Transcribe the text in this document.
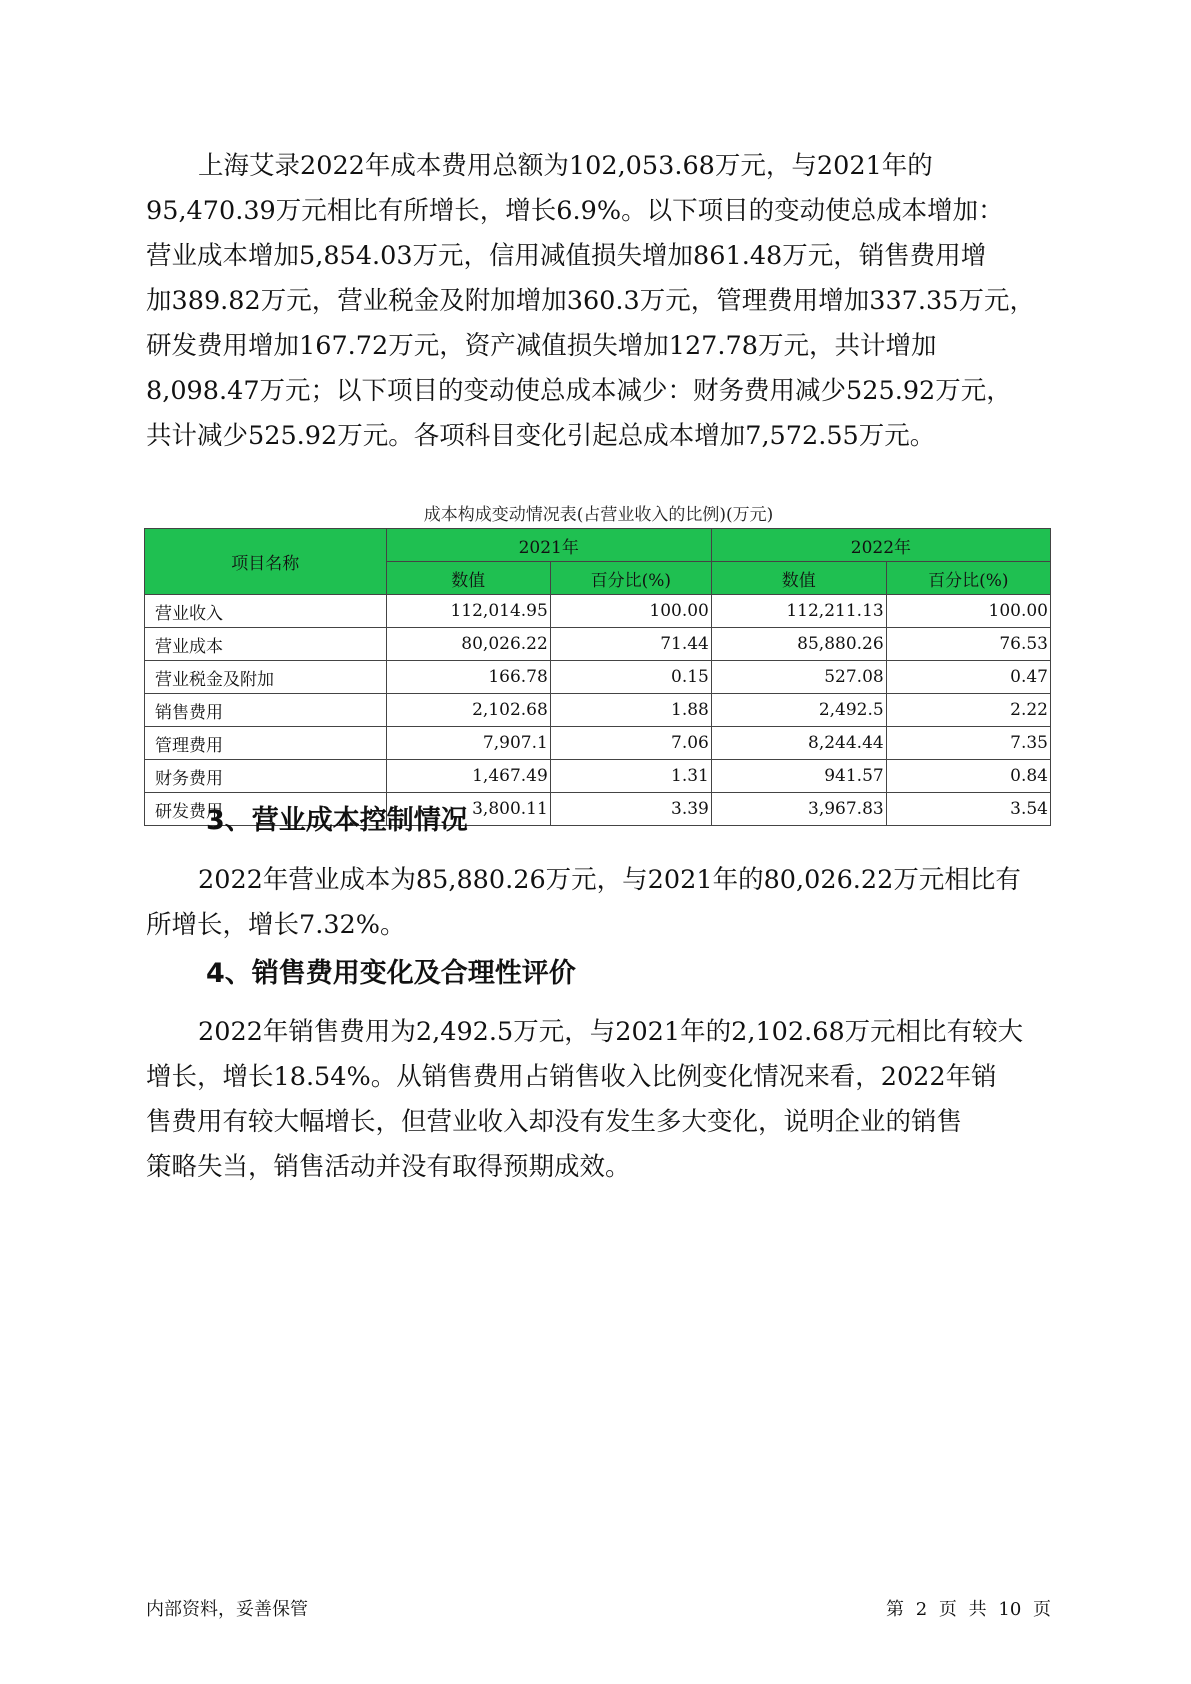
上海艾录2022年成本费用总额为102,053.68万元，与2021年的
95,470.39万元相比有所增长，增长6.9%。以下项目的变动使总成本增加：
营业成本增加5,854.03万元，信用减值损失增加861.48万元，销售费用增
加389.82万元，营业税金及附加增加360.3万元，管理费用增加337.35万元，
研发费用增加167.72万元，资产减值损失增加127.78万元，共计增加
8,098.47万元；以下项目的变动使总成本减少：财务费用减少525.92万元，
共计减少525.92万元。各项科目变化引起总成本增加7,572.55万元。
成本构成变动情况表(占营业收入的比例)(万元)
项目名称	2021年		2022年	
	数值	百分比(%)	数值	百分比(%)
营业收入	112,014.95	100.00	112,211.13	100.00
营业成本	80,026.22	71.44	85,880.26	76.53
营业税金及附加	166.78	0.15	527.08	0.47
销售费用	2,102.68	1.88	2,492.5	2.22
管理费用	7,907.1	7.06	8,244.44	7.35
财务费用	1,467.49	1.31	941.57	0.84
研发费用	3,800.11	3.39	3,967.83	3.54
3、营业成本控制情况
2022年营业成本为85,880.26万元，与2021年的80,026.22万元相比有
所增长，增长7.32%。
4、销售费用变化及合理性评价
2022年销售费用为2,492.5万元，与2021年的2,102.68万元相比有较大
增长，增长18.54%。从销售费用占销售收入比例变化情况来看，2022年销
售费用有较大幅增长，但营业收入却没有发生多大变化，说明企业的销售
策略失当，销售活动并没有取得预期成效。
内部资料，妥善保管	第 2 页 共 10 页
